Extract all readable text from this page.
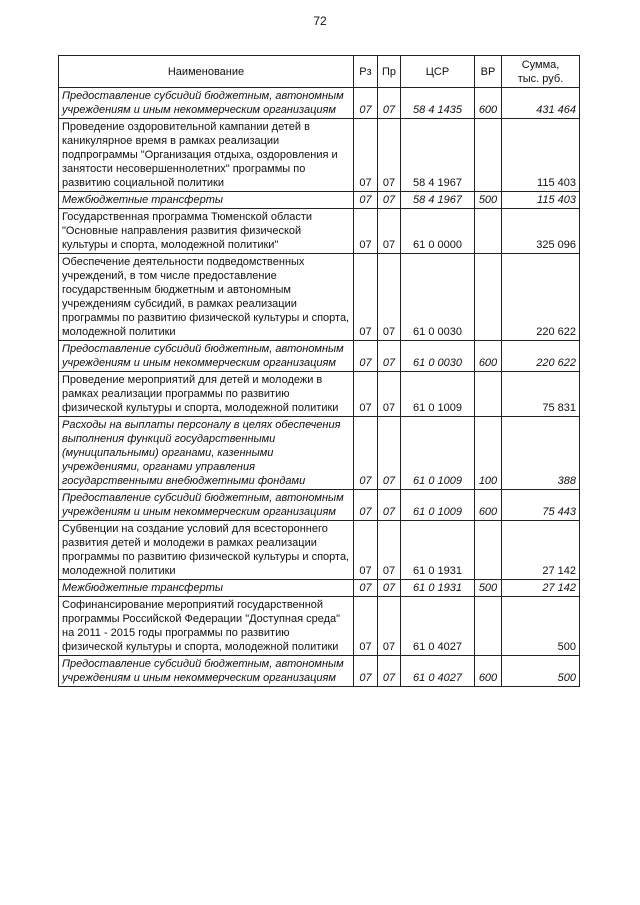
72
Наименование	Рз	Пр	ЦСР	ВР	Сумма,
тыс. руб.

Предоставление субсидий бюджетным, автономным учреждениям и иным некоммерческим организациям	07	07	58 4 1435	600	431 464
Проведение оздоровительной кампании детей в каникулярное время в рамках реализации подпрограммы "Организация отдыха, оздоровления и занятости несовершеннолетних" программы по развитию социальной политики	07	07	58 4 1967		115 403
Межбюджетные трансферты	07	07	58 4 1967	500	115 403
Государственная программа Тюменской области "Основные направления развития физической культуры и спорта, молодежной политики"	07	07	61 0 0000		325 096
Обеспечение деятельности подведомственных учреждений, в том числе предоставление государственным бюджетным и автономным учреждениям субсидий, в рамках реализации программы по развитию физической культуры и спорта, молодежной политики	07	07	61 0 0030		220 622
Предоставление субсидий бюджетным, автономным учреждениям и иным некоммерческим организациям	07	07	61 0 0030	600	220 622
Проведение мероприятий для детей и молодежи в рамках реализации программы по развитию физической культуры и спорта, молодежной политики	07	07	61 0 1009		75 831
Расходы на выплаты персоналу в целях обеспечения выполнения функций государственными (муниципальными) органами, казенными учреждениями, органами управления государственными внебюджетными фондами	07	07	61 0 1009	100	388
Предоставление субсидий бюджетным, автономным учреждениям и иным некоммерческим организациям	07	07	61 0 1009	600	75 443
Субвенции на создание условий для всестороннего развития детей и молодежи в рамках реализации программы по развитию физической культуры и спорта, молодежной политики	07	07	61 0 1931		27 142
Межбюджетные трансферты	07	07	61 0 1931	500	27 142
Софинансирование мероприятий государственной программы Российской Федерации "Доступная среда" на 2011 - 2015 годы программы по развитию физической культуры и спорта, молодежной политики	07	07	61 0 4027		500
Предоставление субсидий бюджетным, автономным учреждениям и иным некоммерческим организациям	07	07	61 0 4027	600	500
